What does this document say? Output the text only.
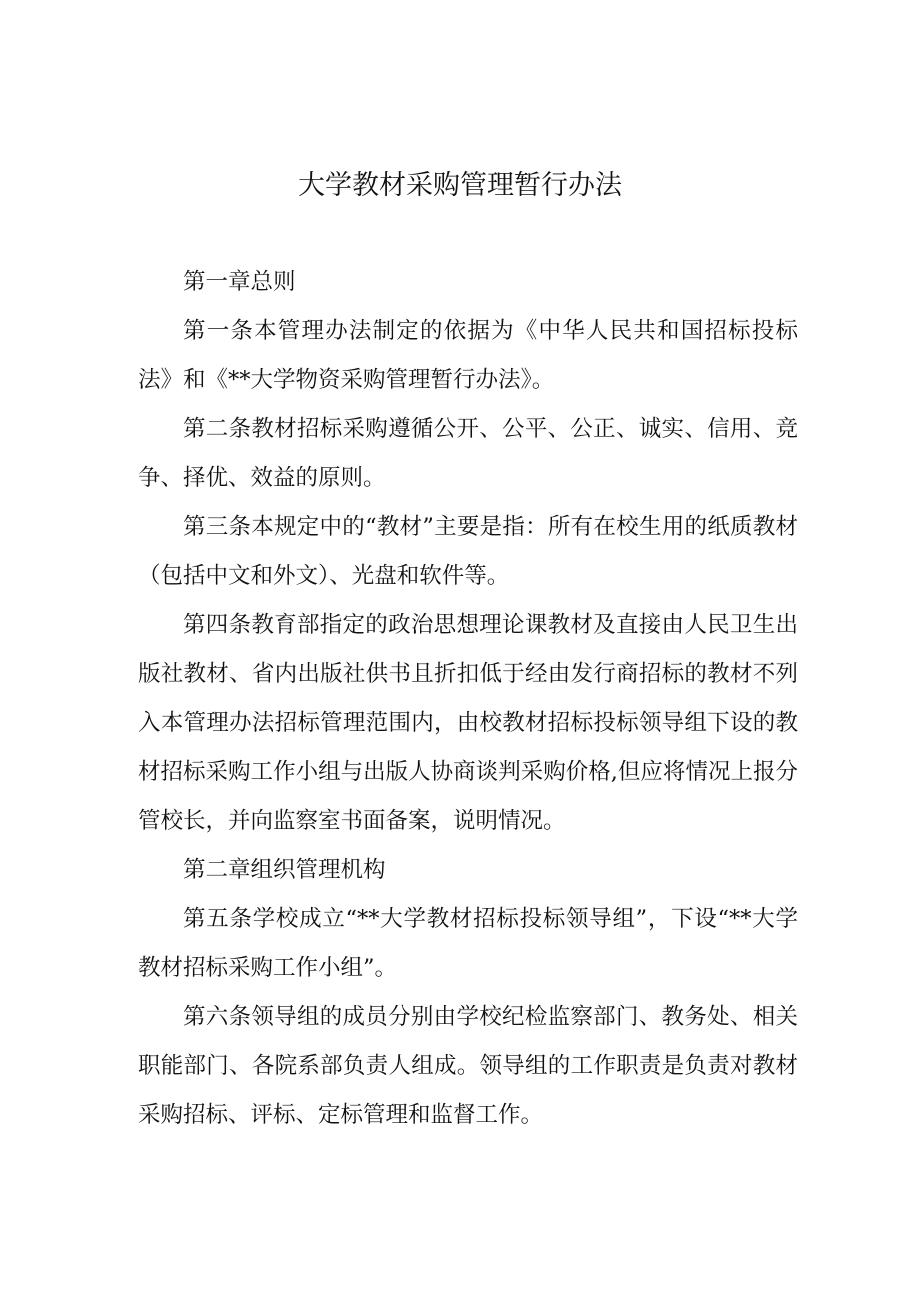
大学教材采购管理暂行办法

第一章总则

第一条本管理办法制定的依据为《中华人民共和国招标投标法》和《**大学物资采购管理暂行办法》。

第二条教材招标采购遵循公开、公平、公正、诚实、信用、竞争、择优、效益的原则。

第三条本规定中的“教材”主要是指：所有在校生用的纸质教材（包括中文和外文）、光盘和软件等。

第四条教育部指定的政治思想理论课教材及直接由人民卫生出版社教材、省内出版社供书且折扣低于经由发行商招标的教材不列入本管理办法招标管理范围内，由校教材招标投标领导组下设的教材招标采购工作小组与出版人协商谈判采购价格,但应将情况上报分管校长，并向监察室书面备案，说明情况。

第二章组织管理机构

第五条学校成立“**大学教材招标投标领导组”，下设“**大学教材招标采购工作小组”。

第六条领导组的成员分别由学校纪检监察部门、教务处、相关职能部门、各院系部负责人组成。领导组的工作职责是负责对教材采购招标、评标、定标管理和监督工作。
